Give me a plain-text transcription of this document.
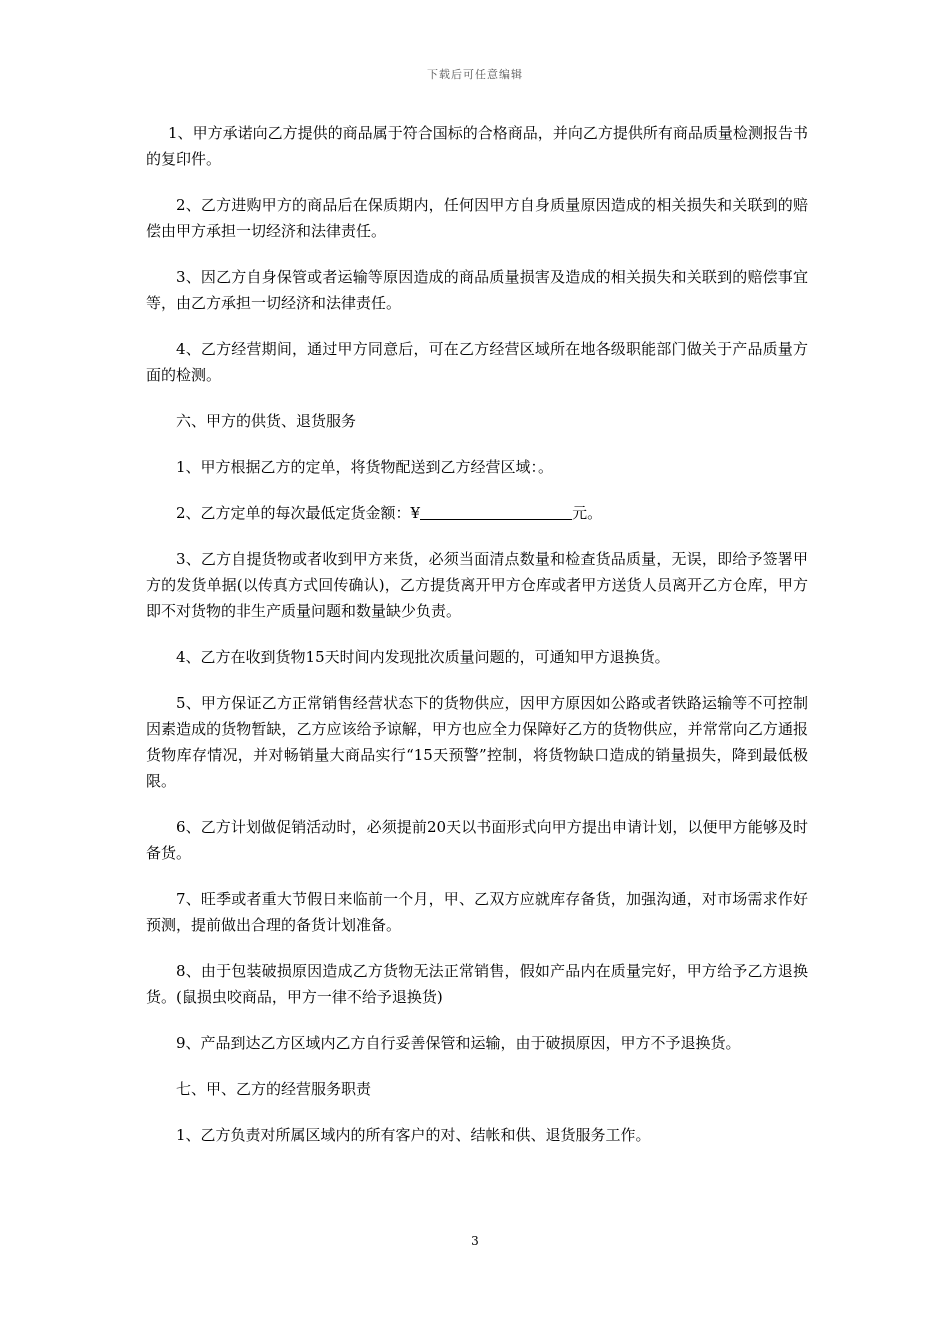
下载后可任意编辑

1、甲方承诺向乙方提供的商品属于符合国标的合格商品，并向乙方提供所有商品质量检测报告书的复印件。

2、乙方进购甲方的商品后在保质期内，任何因甲方自身质量原因造成的相关损失和关联到的赔偿由甲方承担一切经济和法律责任。

3、因乙方自身保管或者运输等原因造成的商品质量损害及造成的相关损失和关联到的赔偿事宜等，由乙方承担一切经济和法律责任。

4、乙方经营期间，通过甲方同意后，可在乙方经营区域所在地各级职能部门做关于产品质量方面的检测。

六、甲方的供货、退货服务

1、甲方根据乙方的定单，将货物配送到乙方经营区域：。

2、乙方定单的每次最低定货金额：¥	元。

3、乙方自提货物或者收到甲方来货，必须当面清点数量和检查货品质量，无误，即给予签署甲方的发货单据(以传真方式回传确认)，乙方提货离开甲方仓库或者甲方送货人员离开乙方仓库，甲方即不对货物的非生产质量问题和数量缺少负责。

4、乙方在收到货物15天时间内发现批次质量问题的，可通知甲方退换货。

5、甲方保证乙方正常销售经营状态下的货物供应，因甲方原因如公路或者铁路运输等不可控制因素造成的货物暂缺，乙方应该给予谅解，甲方也应全力保障好乙方的货物供应，并常常向乙方通报货物库存情况，并对畅销量大商品实行“15天预警”控制，将货物缺口造成的销量损失，降到最低极限。

6、乙方计划做促销活动时，必须提前20天以书面形式向甲方提出申请计划，以便甲方能够及时备货。

7、旺季或者重大节假日来临前一个月，甲、乙双方应就库存备货，加强沟通，对市场需求作好预测，提前做出合理的备货计划准备。

8、由于包装破损原因造成乙方货物无法正常销售，假如产品内在质量完好，甲方给予乙方退换货。(鼠损虫咬商品，甲方一律不给予退换货)

9、产品到达乙方区域内乙方自行妥善保管和运输，由于破损原因，甲方不予退换货。

七、甲、乙方的经营服务职责

1、乙方负责对所属区域内的所有客户的对、结帐和供、退货服务工作。

3
